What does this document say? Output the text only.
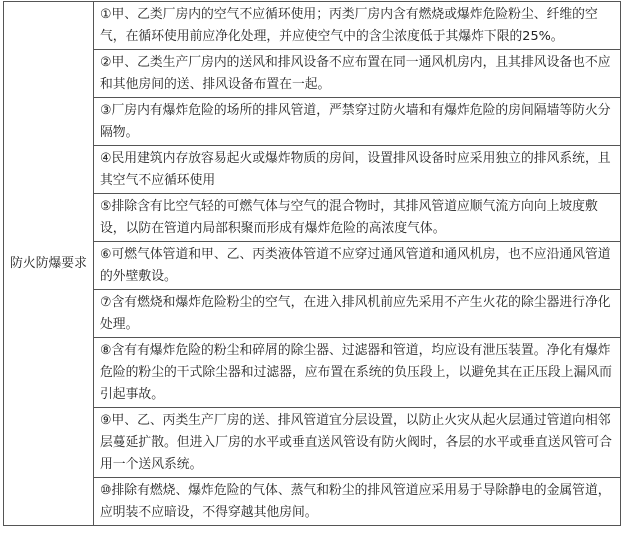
防火防爆要求	①甲、乙类厂房内的空气不应循环使用；丙类厂房内含有燃烧或爆炸危险粉尘、纤维的空气，在循环使用前应净化处理，并应使空气中的含尘浓度低于其爆炸下限的25%。
②甲、乙类生产厂房内的送风和排风设备不应布置在同一通风机房内，且其排风设备也不应和其他房间的送、排风设备布置在一起。
③厂房内有爆炸危险的场所的排风管道，严禁穿过防火墙和有爆炸危险的房间隔墙等防火分隔物。
④民用建筑内存放容易起火或爆炸物质的房间，设置排风设备时应采用独立的排风系统，且其空气不应循环使用
⑤排除含有比空气轻的可燃气体与空气的混合物时，其排风管道应顺气流方向向上坡度敷设，以防在管道内局部积聚而形成有爆炸危险的高浓度气体。
⑥可燃气体管道和甲、乙、丙类液体管道不应穿过通风管道和通风机房，也不应沿通风管道的外壁敷设。
⑦含有燃烧和爆炸危险粉尘的空气，在进入排风机前应先采用不产生火花的除尘器进行净化处理。
⑧含有有爆炸危险的粉尘和碎屑的除尘器、过滤器和管道，均应设有泄压装置。净化有爆炸危险的粉尘的干式除尘器和过滤器，应布置在系统的负压段上，以避免其在正压段上漏风而引起事故。
⑨甲、乙、丙类生产厂房的送、排风管道宜分层设置，以防止火灾从起火层通过管道向相邻层蔓延扩散。但进入厂房的水平或垂直送风管设有防火阀时，各层的水平或垂直送风管可合用一个送风系统。
⑩排除有燃烧、爆炸危险的气体、蒸气和粉尘的排风管道应采用易于导除静电的金属管道，应明装不应暗设，不得穿越其他房间。
